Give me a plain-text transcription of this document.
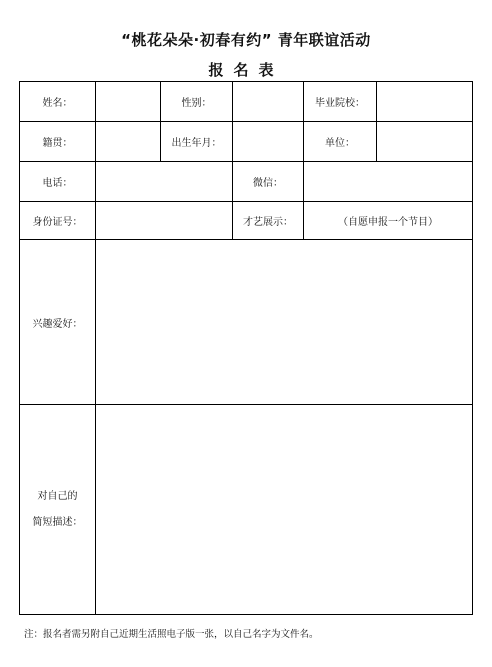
“桃花朵朵·初春有约” 青年联谊活动
报名表
姓名：		性别：		毕业院校：	
籍贯：		出生年月：		单位：	
电话：			微信：		
身份证号：			才艺展示：	（自愿申报一个节目）	
兴趣爱好：					

对自己的
简短描述：					

注：报名者需另附自己近期生活照电子版一张，以自己名字为文件名。
